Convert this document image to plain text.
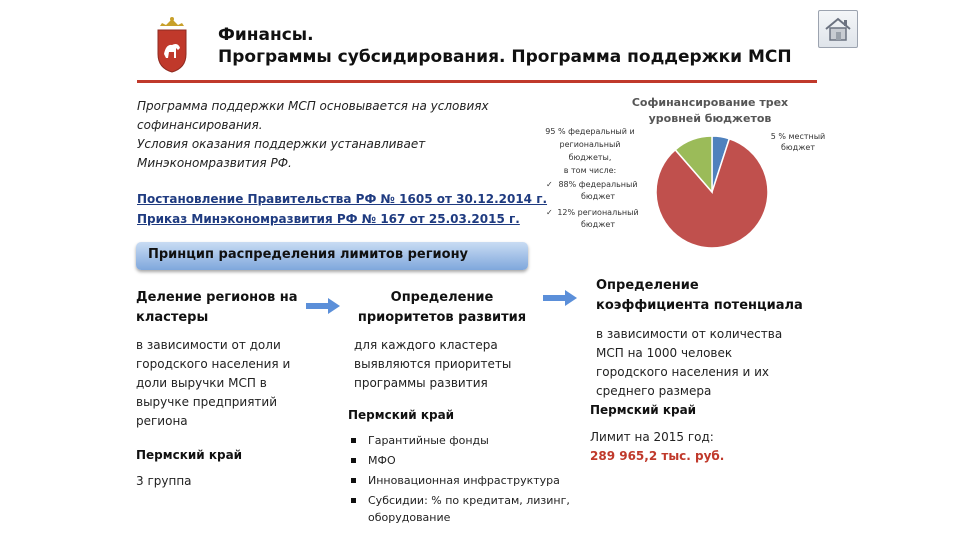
Финансы.
Программы субсидирования. Программа поддержки МСП
Программа поддержки МСП основывается на условиях
софинансирования.
Условия оказания поддержки устанавливает
Минэкономразвития РФ.
Постановление Правительства РФ № 1605 от 30.12.2014 г.
Приказ Минэкономразвития РФ № 167 от 25.03.2015 г.
Софинансирование трех
уровней бюджетов
5 % местный
бюджет
95 % федеральный и
региональный
бюджеты,
в том числе:
✓ 88% федеральный
бюджет
✓ 12% региональный
бюджет
Принцип распределения лимитов региону
Деление регионов на
кластеры
в зависимости от доли
городского населения и
доли выручки МСП в
выручке предприятий
региона
Пермский край
3 группа
Определение
приоритетов развития
для каждого кластера
выявляются приоритеты
программы развития
Пермский край
Гарантийные фонды
МФО
Инновационная инфраструктура
Субсидии: % по кредитам, лизинг, оборудование
Определение
коэффициента потенциала
в зависимости от количества
МСП на 1000 человек
городского населения и их
среднего размера
Пермский край
Лимит на 2015 год:
289 965,2 тыс. руб.
